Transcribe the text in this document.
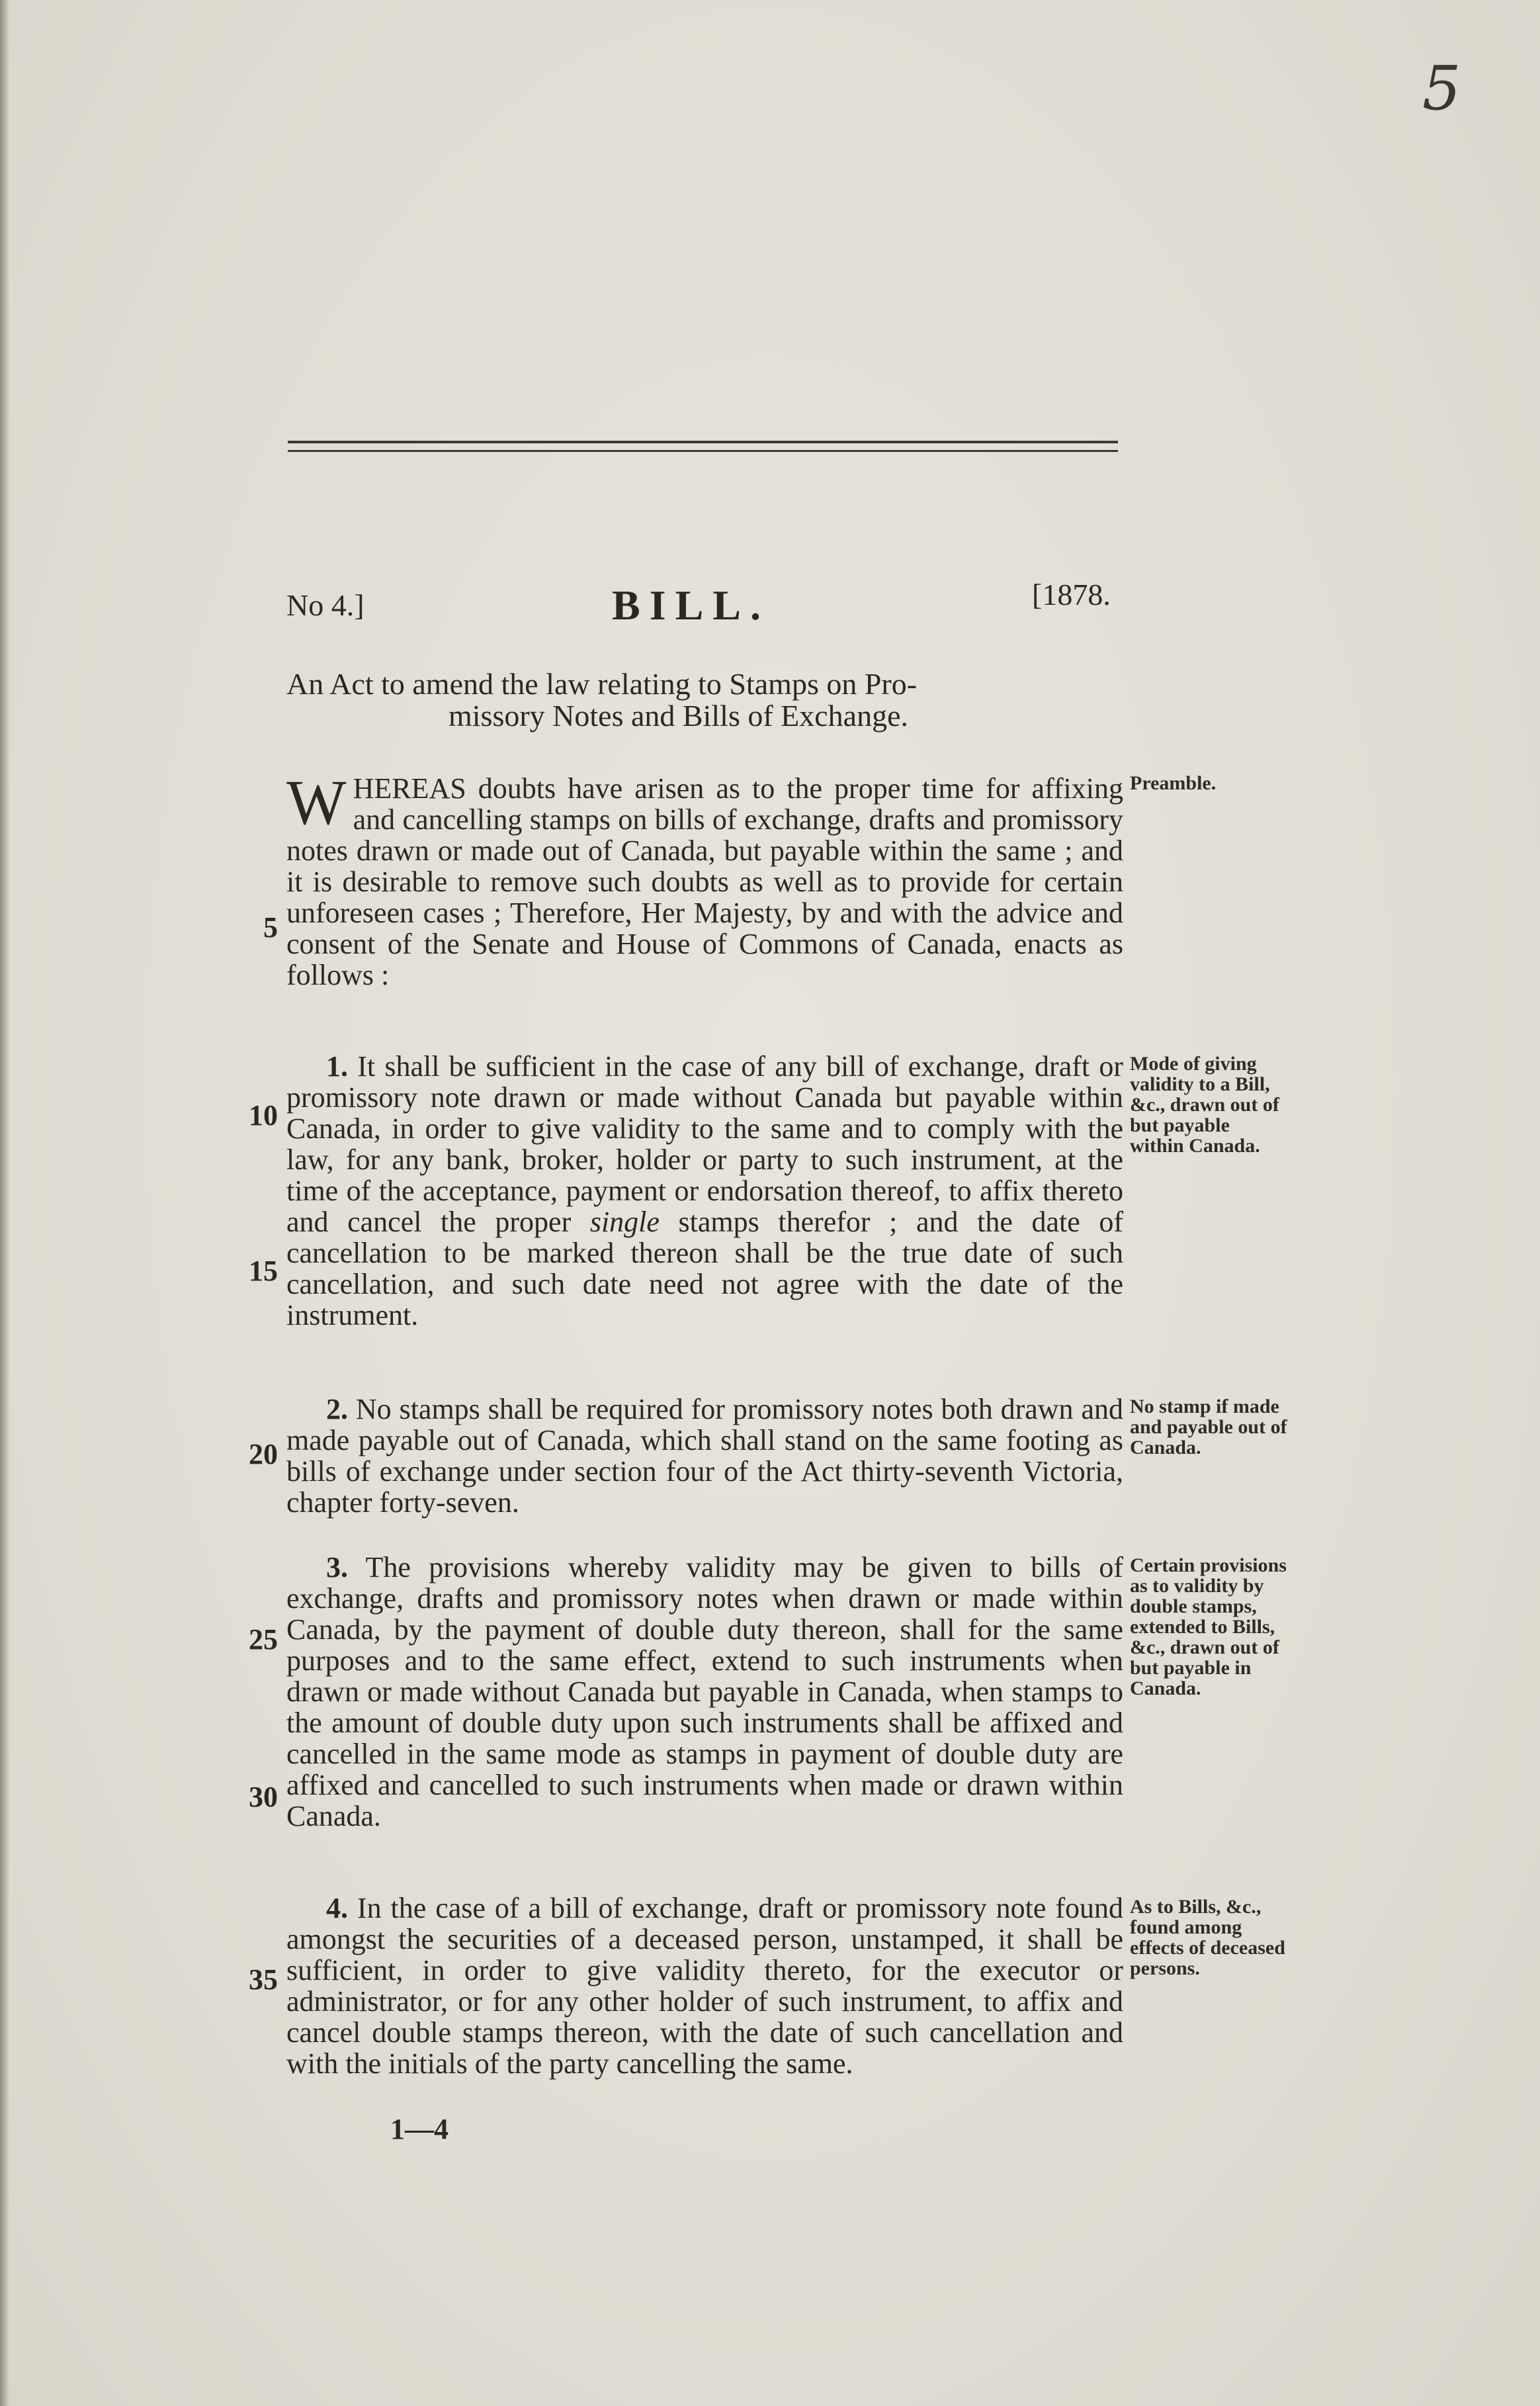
5
No 4.]	BILL.	[1878.
An Act to amend the law relating to Stamps on Pro-
missory Notes and Bills of Exchange.
WHEREAS doubts have arisen as to the proper time for affixing and cancelling stamps on bills of exchange, drafts and promissory notes drawn or made out of Canada, but payable within the same ; and it is desirable to remove such doubts as well as to provide for certain unforeseen cases ; Therefore, Her Majesty, by and with the advice and consent of the Senate and House of Commons of Canada, enacts as follows :
Preamble.
1. It shall be sufficient in the case of any bill of exchange, draft or promissory note drawn or made without Canada but payable within Canada, in order to give validity to the same and to comply with the law, for any bank, broker, holder or party to such instrument, at the time of the acceptance, payment or endorsation thereof, to affix thereto and cancel the proper single stamps therefor ; and the date of cancellation to be marked thereon shall be the true date of such cancellation, and such date need not agree with the date of the instrument.
Mode of giving validity to a Bill, &c., drawn out of but payable within Canada.
2. No stamps shall be required for promissory notes both drawn and made payable out of Canada, which shall stand on the same footing as bills of exchange under section four of the Act thirty-seventh Victoria, chapter forty-seven.
No stamp if made and payable out of Canada.
3. The provisions whereby validity may be given to bills of exchange, drafts and promissory notes when drawn or made within Canada, by the payment of double duty thereon, shall for the same purposes and to the same effect, extend to such instruments when drawn or made without Canada but payable in Canada, when stamps to the amount of double duty upon such instruments shall be affixed and cancelled in the same mode as stamps in payment of double duty are affixed and cancelled to such instruments when made or drawn within Canada.
Certain provisions as to validity by double stamps, extended to Bills, &c., drawn out of but payable in Canada.
4. In the case of a bill of exchange, draft or promissory note found amongst the securities of a deceased person, unstamped, it shall be sufficient, in order to give validity thereto, for the executor or administrator, or for any other holder of such instrument, to affix and cancel double stamps thereon, with the date of such cancellation and with the initials of the party cancelling the same.
As to Bills, &c., found among effects of deceased persons.
5
10
15
20
25
30
35
1—4
